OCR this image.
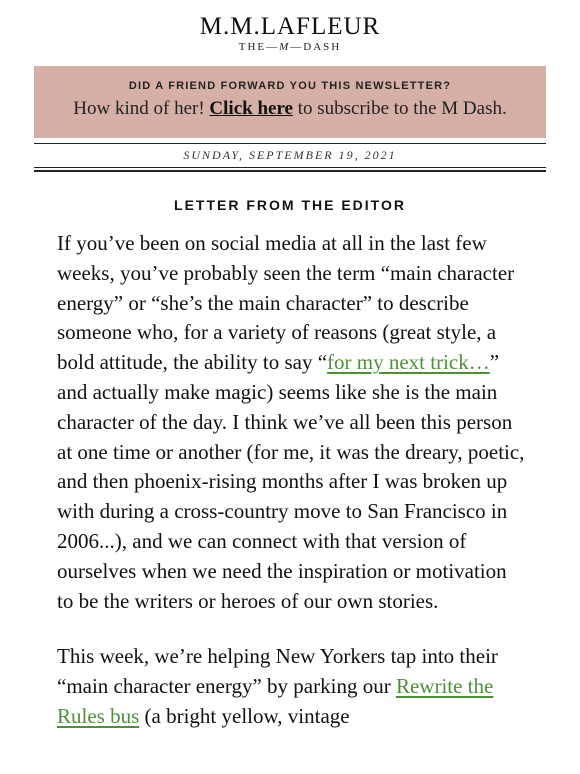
M.M.LAFLEUR
THE—M—DASH
DID A FRIEND FORWARD YOU THIS NEWSLETTER?
How kind of her! Click here to subscribe to the M Dash.
SUNDAY, SEPTEMBER 19, 2021
LETTER FROM THE EDITOR

If you’ve been on social media at all in the last few weeks, you’ve probably seen the term “main character energy” or “she’s the main character” to describe someone who, for a variety of reasons (great style, a bold attitude, the ability to say “for my next trick…” and actually make magic) seems like she is the main character of the day. I think we’ve all been this person at one time or another (for me, it was the dreary, poetic, and then phoenix-rising months after I was broken up with during a cross-country move to San Francisco in 2006...), and we can connect with that version of ourselves when we need the inspiration or motivation to be the writers or heroes of our own stories.

This week, we’re helping New Yorkers tap into their “main character energy” by parking our Rewrite the Rules bus (a bright yellow, vintage
